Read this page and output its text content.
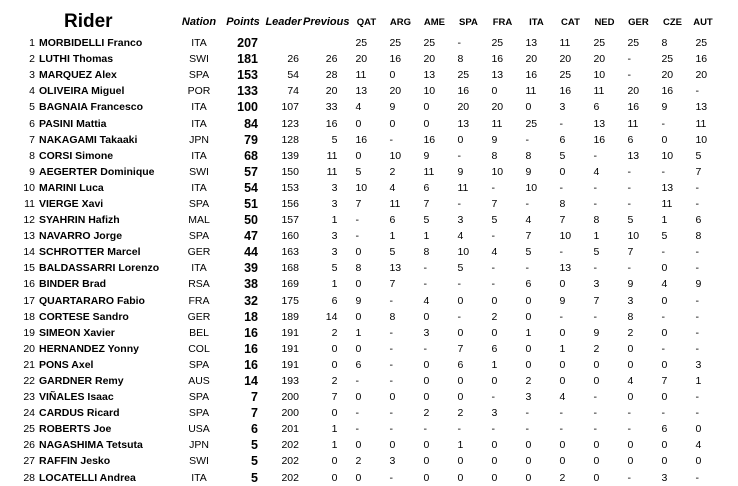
Rider		Nation	Points	Leader	Previous	QAT	ARG	AME	SPA	FRA	ITA	CAT	NED	GER	CZE	AUT
1	MORBIDELLI Franco	ITA	207			25	25	25	-	25	13	11	25	25	8	25
2	LUTHI Thomas	SWI	181	26	26	20	16	20	8	16	20	20	20	-	25	16
3	MARQUEZ Alex	SPA	153	54	28	11	0	13	25	13	16	25	10	-	20	20
4	OLIVEIRA Miguel	POR	133	74	20	13	20	10	16	0	11	16	11	20	16	-
5	BAGNAIA Francesco	ITA	100	107	33	4	9	0	20	20	0	3	6	16	9	13
6	PASINI Mattia	ITA	84	123	16	0	0	0	13	11	25	-	13	11	-	11
7	NAKAGAMI Takaaki	JPN	79	128	5	16	-	16	0	9	-	6	16	6	0	10
8	CORSI Simone	ITA	68	139	11	0	10	9	-	8	8	5	-	13	10	5
9	AEGERTER Dominique	SWI	57	150	11	5	2	11	9	10	9	0	4	-	-	7
10	MARINI Luca	ITA	54	153	3	10	4	6	11	-	10	-	-	-	13	-
11	VIERGE Xavi	SPA	51	156	3	7	11	7	-	7	-	8	-	-	11	-
12	SYAHRIN Hafizh	MAL	50	157	1	-	6	5	3	5	4	7	8	5	1	6
13	NAVARRO Jorge	SPA	47	160	3	-	1	1	4	-	7	10	1	10	5	8
14	SCHROTTER Marcel	GER	44	163	3	0	5	8	10	4	5	-	5	7	-	-
15	BALDASSARRI Lorenzo	ITA	39	168	5	8	13	-	5	-	-	13	-	-	0	-
16	BINDER Brad	RSA	38	169	1	0	7	-	-	-	6	0	3	9	4	9
17	QUARTARARO Fabio	FRA	32	175	6	9	-	4	0	0	0	9	7	3	0	-
18	CORTESE Sandro	GER	18	189	14	0	8	0	-	2	0	-	-	8	-	-
19	SIMEON Xavier	BEL	16	191	2	1	-	3	0	0	1	0	9	2	0	-
20	HERNANDEZ Yonny	COL	16	191	0	0	-	-	7	6	0	1	2	0	-	-
21	PONS Axel	SPA	16	191	0	6	-	0	6	1	0	0	0	0	0	3
22	GARDNER Remy	AUS	14	193	2	-	-	0	0	0	2	0	0	4	7	1
23	VIÑALES Isaac	SPA	7	200	7	0	0	0	0	-	3	4	-	0	0	-
24	CARDUS Ricard	SPA	7	200	0	-	-	2	2	3	-	-	-	-	-	-
25	ROBERTS Joe	USA	6	201	1	-	-	-	-	-	-	-	-	-	6	0
26	NAGASHIMA Tetsuta	JPN	5	202	1	0	0	0	1	0	0	0	0	0	0	4
27	RAFFIN Jesko	SWI	5	202	0	2	3	0	0	0	0	0	0	0	0	0
28	LOCATELLI Andrea	ITA	5	202	0	0	-	0	0	0	0	2	0	-	3	-
